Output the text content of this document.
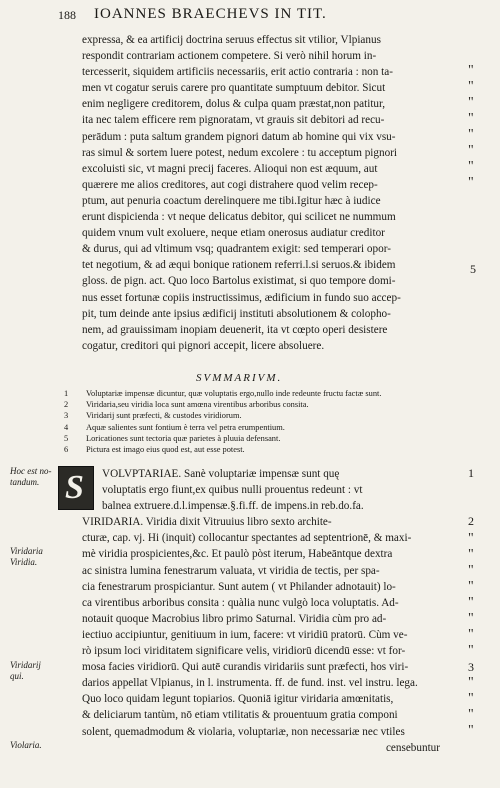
188 IOANNES BRAECHEVS IN TIT.
expressa, & ea artificij doctrina seruus effectus sit vtilior, Vlpianus
respondit contrariam actionem competere. Si verò nihil horum in-
tercesserit, siquidem artificiis necessariis, erit actio contraria : non ta-
men vt cogatur seruis carere pro quantitate sumptuum debitor. Sicut
enim negligere creditorem, dolus & culpa quam præstat,non patitur,
ita nec talem efficere rem pignoratam, vt grauis sit debitori ad recu-
perādum : puta saltum grandem pignori datum ab homine qui vix vsu-
ras simul & sortem luere potest, nedum excolere : tu acceptum pignori
excoluisti sic, vt magni precij faceres. Alioqui non est æquum, aut
quærere me alios creditores, aut cogi distrahere quod velim recep-
ptum, aut penuria coactum derelinquere me tibi.Igitur hæc à iudice
erunt dispicienda : vt neque delicatus debitor, qui scilicet ne nummum
quidem vnum vult exoluere, neque etiam onerosus audiatur creditor
& durus, qui ad vltimum vsq; quadrantem exigit: sed temperari opor-
tet negotium, & ad æqui bonique rationem referri.l.si seruos.& ibidem
gloss. de pign. act. Quo loco Bartolus existimat, si quo tempore domi-
nus esset fortunæ copiis instructissimus, ædificium in fundo suo accep-
pit, tum deinde ante ipsius ædificij instituti absolutionem & colopho-
nem, ad grauissimam inopiam deuenerit, ita vt cœpto operi desistere
cogatur, creditori qui pignori accepit, licere absoluere.
5
"
"
"
"
"
"
"
"
SVMMARIVM.
1 Voluptariæ impensæ dicuntur, quæ voluptatis ergo,nullo inde redeunte fructu factæ sunt.
2 Viridaria,seu viridia loca sunt amœna virentibus arboribus consita.
3 Viridarij sunt præfecti, & custodes viridiorum.
4 Aquæ salientes sunt fontium è terra vel petra erumpentium.
5 Loricationes sunt tectoria quæ parietes à pluuia defensant.
6 Pictura est imago eius quod est, aut esse potest.
Hoc est no-
tandum.
Viridaria
Viridia.
Viridarij
qui.
Violaria.
S	VOLVPTARIAE. Sanè voluptariæ impensæ sunt quę
voluptatis ergo fiunt,ex quibus nulli prouentus redeunt : vt
balnea extruere.d.l.impensæ.§.fi.ff. de impens.in reb.do.fa.
VIRIDARIA. Viridia dixit Vitruuius libro sexto archite-
cturæ, cap. vj. Hi (inquit) collocantur spectantes ad septentrionē, & maxi-
mè viridia prospicientes,&c. Et paulò pòst iterum, Habeāntque dextra
ac sinistra lumina fenestrarum valuata, vt viridia de tectis, per spa-
cia fenestrarum prospiciantur. Sunt autem ( vt Philander adnotauit) lo-
ca virentibus arboribus consita : quàlia nunc vulgò loca voluptatis. Ad-
notauit quoque Macrobius libro primo Saturnal. Viridia cùm pro ad-
iectiuo accipiuntur, genitiuum in ium, facere: vt viridiū pratorū. Cùm ve-
rò ipsum loci viriditatem significare velis, viridiorū dicendū esse: vt for-
mosa facies viridiorū. Qui autē curandis viridariis sunt præfecti, hos viri-
darios appellat Vlpianus, in l. instrumenta. ff. de fund. inst. vel instru. lega.
Quo loco quidam legunt topiarios. Quoniā igitur viridaria amœnitatis,
& deliciarum tantùm, nō etiam vtilitatis & prouentuum gratia componi
solent, quemadmodum & violaria, voluptariæ, non necessariæ nec vtiles
censebuntur
1
2
3
"
"
"
"
"
"
"
"
"
"
"
"
